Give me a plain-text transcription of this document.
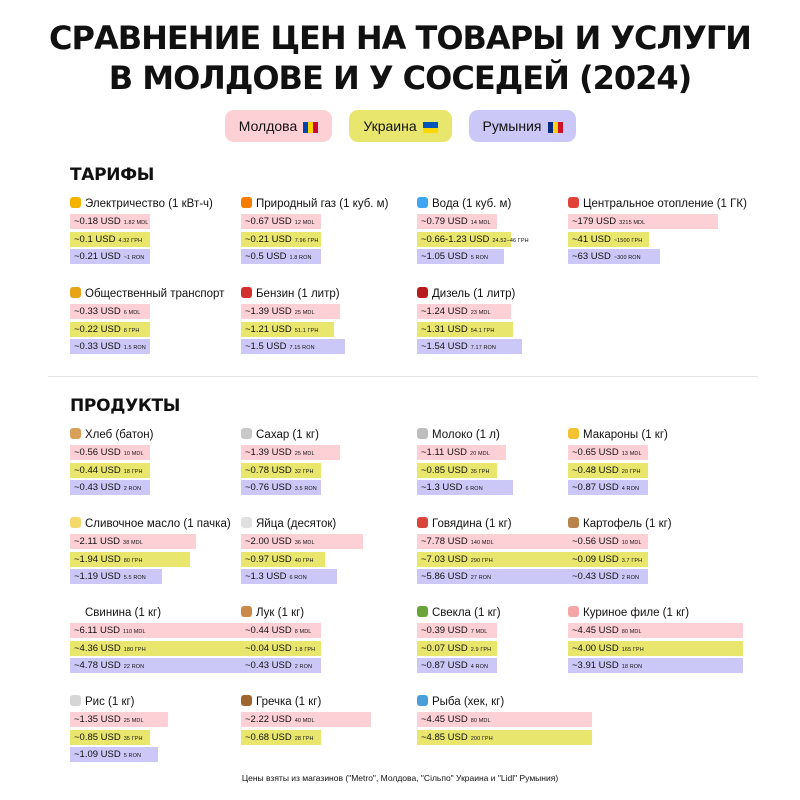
СРАВНЕНИЕ ЦЕН НА ТОВАРЫ И УСЛУГИ
В МОЛДОВЕ И У СОСЕДЕЙ (2024)
Молдова	Украина	Румыния
ТАРИФЫ
Электричество (1 кВт-ч)
~0.18 USD 1.82 MDL
~0.1 USD 4.32 ГРН
~0.21 USD ~1 RON
Природный газ (1 куб. м)
~0.67 USD 12 MDL
~0.21 USD 7.96 ГРН
~0.5 USD 1.8 RON
Вода (1 куб. м)
~0.79 USD 14 MDL
~0.66-1.23 USD 24.52–46 ГРН
~1.05 USD 5 RON
Центральное отопление (1 ГК)
~179 USD 3215 MDL
~41 USD ~1500 ГРН
~63 USD ~300 RON
Общественный транспорт
~0.33 USD 6 MDL
~0.22 USD 8 ГРН
~0.33 USD 1.5 RON
Бензин (1 литр)
~1.39 USD 25 MDL
~1.21 USD 51.1 ГРН
~1.5 USD 7.15 RON
Дизель (1 литр)
~1.24 USD 23 MDL
~1.31 USD 54.1 ГРН
~1.54 USD 7.17 RON
ПРОДУКТЫ
Хлеб (батон)
~0.56 USD 10 MDL
~0.44 USD 18 ГРН
~0.43 USD 2 RON
Сахар (1 кг)
~1.39 USD 25 MDL
~0.78 USD 32 ГРН
~0.76 USD 3.5 RON
Молоко (1 л)
~1.11 USD 20 MDL
~0.85 USD 35 ГРН
~1.3 USD 6 RON
Макароны (1 кг)
~0.65 USD 13 MDL
~0.48 USD 20 ГРН
~0.87 USD 4 RON
Сливочное масло (1 пачка)
~2.11 USD 38 MDL
~1.94 USD 80 ГРН
~1.19 USD 5.5 RON
Яйца (десяток)
~2.00 USD 36 MDL
~0.97 USD 40 ГРН
~1.3 USD 6 RON
Говядина (1 кг)
~7.78 USD 140 MDL
~7.03 USD 290 ГРН
~5.86 USD 27 RON
Картофель (1 кг)
~0.56 USD 10 MDL
~0.09 USD 3.7 ГРН
~0.43 USD 2 RON
Свинина (1 кг)
~6.11 USD 110 MDL
~4.36 USD 180 ГРН
~4.78 USD 22 RON
Лук (1 кг)
~0.44 USD 8 MDL
~0.04 USD 1.8 ГРН
~0.43 USD 2 RON
Свекла (1 кг)
~0.39 USD 7 MDL
~0.07 USD 2.9 ГРН
~0.87 USD 4 RON
Куриное филе (1 кг)
~4.45 USD 80 MDL
~4.00 USD 165 ГРН
~3.91 USD 18 RON
Рис (1 кг)
~1.35 USD 25 MDL
~0.85 USD 35 ГРН
~1.09 USD 5 RON
Гречка (1 кг)
~2.22 USD 40 MDL
~0.68 USD 28 ГРН
Рыба (хек, кг)
~4.45 USD 80 MDL
~4.85 USD 200 ГРН
Цены взяты из магазинов ("Metro", Молдова, "Сільпо" Украина и "Lidl" Румыния)
